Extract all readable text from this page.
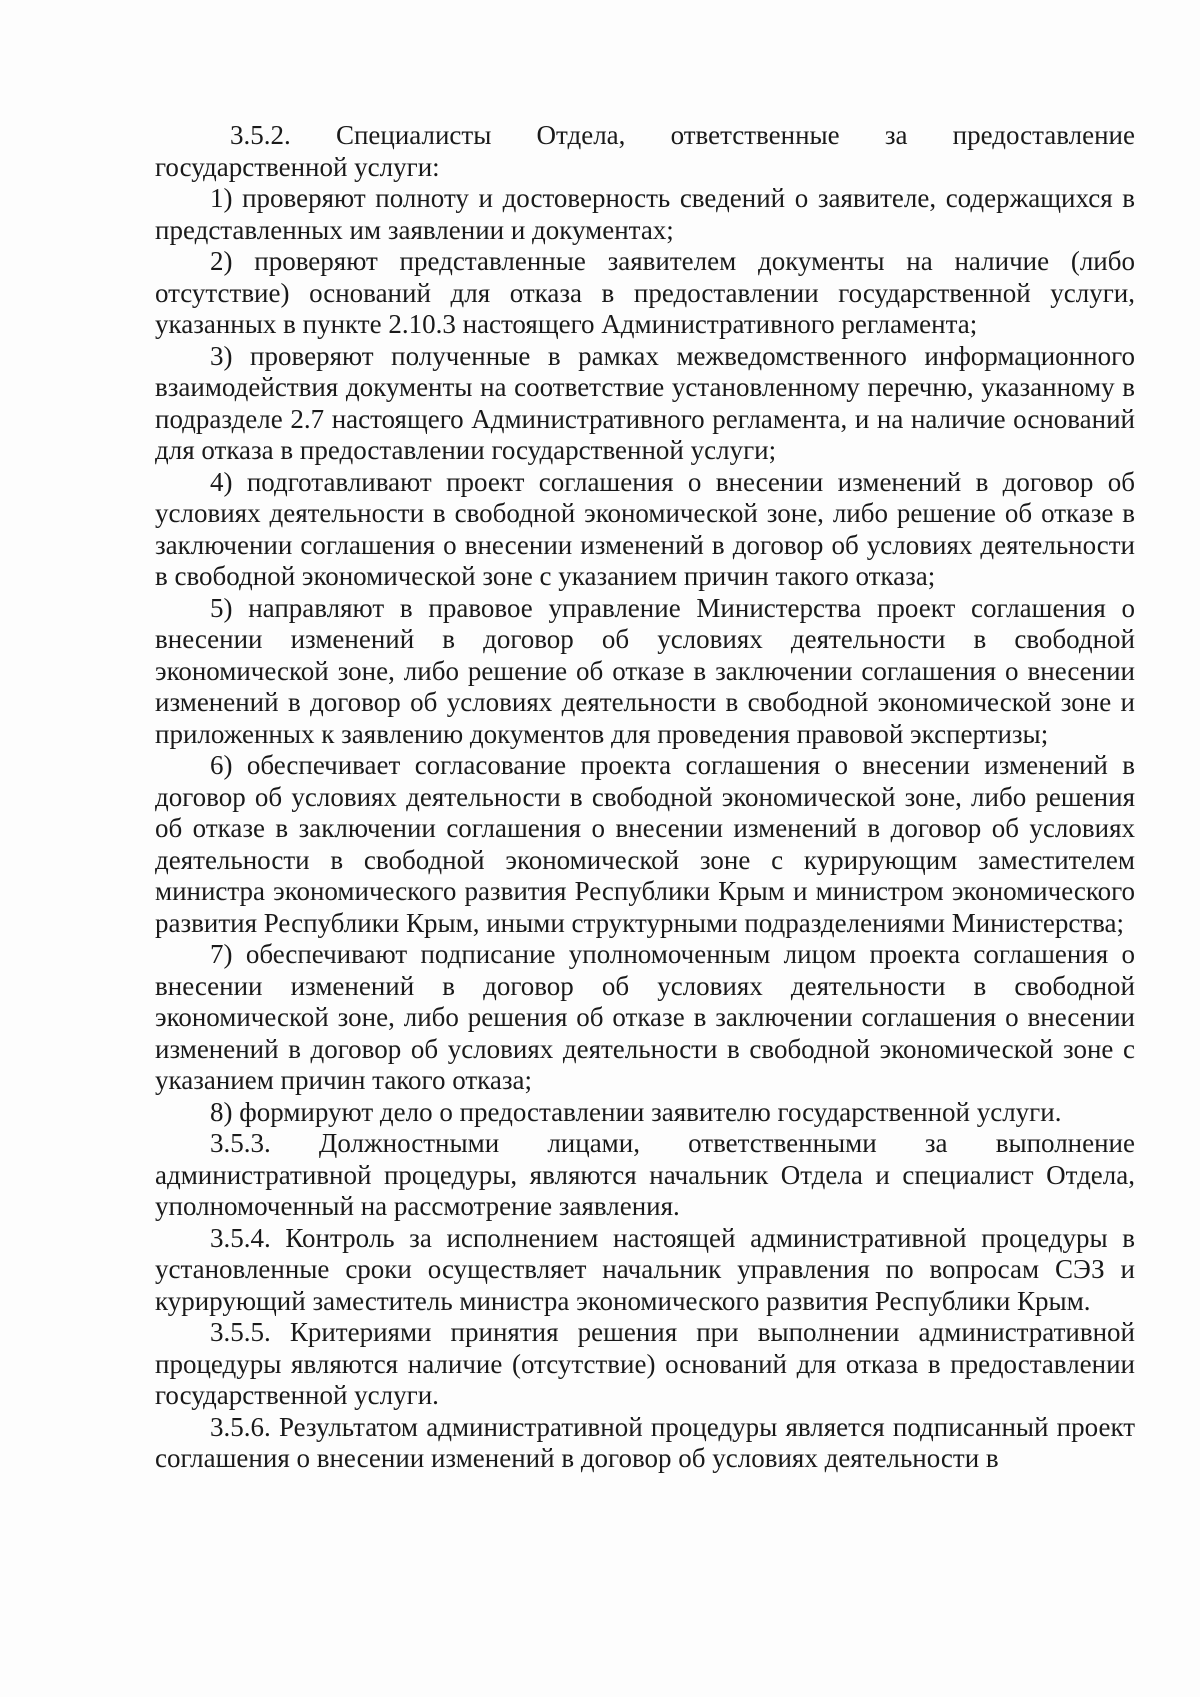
3.5.2. Специалисты Отдела, ответственные за предоставление государственной услуги:

1) проверяют полноту и достоверность сведений о заявителе, содержащихся в представленных им заявлении и документах;

2) проверяют представленные заявителем документы на наличие (либо отсутствие) оснований для отказа в предоставлении государственной услуги, указанных в пункте 2.10.3 настоящего Административного регламента;

3) проверяют полученные в рамках межведомственного информационного взаимодействия документы на соответствие установленному перечню, указанному в подразделе 2.7 настоящего Административного регламента, и на наличие оснований для отказа в предоставлении государственной услуги;

4) подготавливают проект соглашения о внесении изменений в договор об условиях деятельности в свободной экономической зоне, либо решение об отказе в заключении соглашения о внесении изменений в договор об условиях деятельности в свободной экономической зоне с указанием причин такого отказа;

5) направляют в правовое управление Министерства проект соглашения о внесении изменений в договор об условиях деятельности в свободной экономической зоне, либо решение об отказе в заключении соглашения о внесении изменений в договор об условиях деятельности в свободной экономической зоне и приложенных к заявлению документов для проведения правовой экспертизы;

6) обеспечивает согласование проекта соглашения о внесении изменений в договор об условиях деятельности в свободной экономической зоне, либо решения об отказе в заключении соглашения о внесении изменений в договор об условиях деятельности в свободной экономической зоне с курирующим заместителем министра экономического развития Республики Крым и министром экономического развития Республики Крым, иными структурными подразделениями Министерства;

7) обеспечивают подписание уполномоченным лицом проекта соглашения о внесении изменений в договор об условиях деятельности в свободной экономической зоне, либо решения об отказе в заключении соглашения о внесении изменений в договор об условиях деятельности в свободной экономической зоне с указанием причин такого отказа;

8) формируют дело о предоставлении заявителю государственной услуги.

3.5.3. Должностными лицами, ответственными за выполнение административной процедуры, являются начальник Отдела и специалист Отдела, уполномоченный на рассмотрение заявления.

3.5.4. Контроль за исполнением настоящей административной процедуры в установленные сроки осуществляет начальник управления по вопросам СЭЗ и курирующий заместитель министра экономического развития Республики Крым.

3.5.5. Критериями принятия решения при выполнении административной процедуры являются наличие (отсутствие) оснований для отказа в предоставлении государственной услуги.

3.5.6. Результатом административной процедуры является подписанный проект соглашения о внесении изменений в договор об условиях деятельности в
